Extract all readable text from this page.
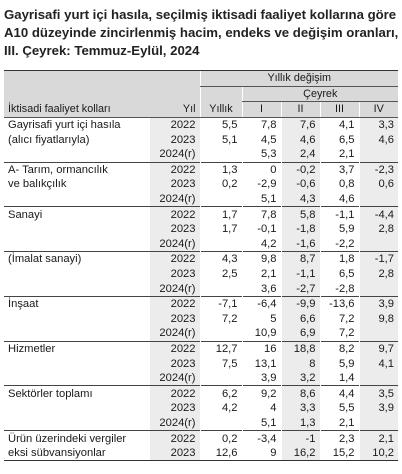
Gayrisafi yurt içi hasıla, seçilmiş iktisadi faaliyet kollarına göre A10 düzeyinde zincirlenmiş hacim, endeks ve değişim oranları, III. Çeyrek: Temmuz-Eylül, 2024
		Yıllık değişim				
			Çeyrek			
İktisadi faaliyet kolları	Yıl	Yıllık	I	II	III	IV
Gayrisafi yurt içi hasıla	2022	5,5	7,8	7,6	4,1	3,3
(alıcı fiyatlarıyla)	2023	5,1	4,5	4,6	6,5	4,6
	2024(r)		5,3	2,4	2,1	
A- Tarım, ormancılık	2022	1,3	0	-0,2	3,7	-2,3
ve balıkçılık	2023	0,2	-2,9	-0,6	0,8	0,6
	2024(r)		5,1	4,3	4,6	
Sanayi	2022	1,7	7,8	5,8	-1,1	-4,4
	2023	1,7	-0,1	-1,8	5,9	2,8
	2024(r)		4,2	-1,6	-2,2	
(İmalat sanayi)	2022	4,3	9,8	8,7	1,8	-1,7
	2023	2,5	2,1	-1,1	6,5	2,8
	2024(r)		3,6	-2,7	-2,8	
İnşaat	2022	-7,1	-6,4	-9,9	-13,6	3,9
	2023	7,2	5	6,6	7,2	9,8
	2024(r)		10,9	6,9	7,2	
Hizmetler	2022	12,7	16	18,8	8,2	9,7
	2023	7,5	13,1	8	5,9	4,1
	2024(r)		3,9	3,2	1,4	
Sektörler toplamı	2022	6,2	9,2	8,6	4,4	3,5
	2023	4,2	4	3,3	5,5	3,9
	2024(r)		5,1	1,3	2,1	
Ürün üzerindeki vergiler	2022	0,2	-3,4	-1	2,3	2,1
eksi sübvansiyonlar	2023	12,6	9	16,2	15,2	10,2
